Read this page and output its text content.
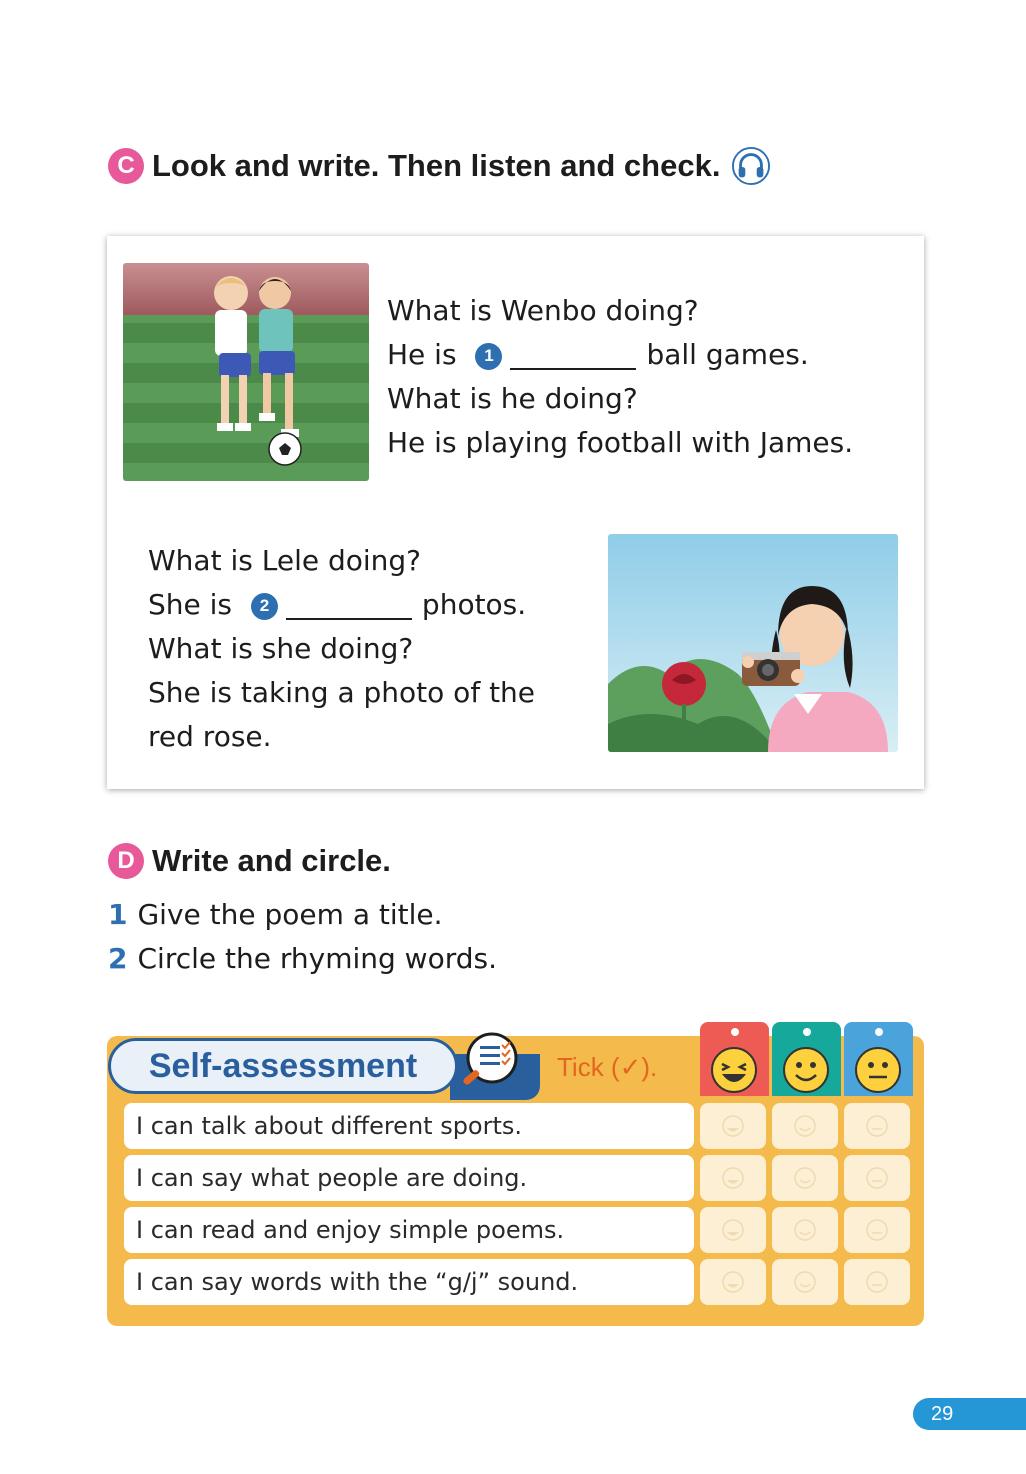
C Look and write. Then listen and check.
What is Wenbo doing?
He is 1	ball games.
What is he doing?
He is playing football with James.
What is Lele doing?
She is 2	photos.
What is she doing?
She is taking a photo of the
red rose.
D Write and circle.
1 Give the poem a title.
2 Circle the rhyming words.
Self-assessment	Tick (✓).
I can talk about different sports.
I can say what people are doing.
I can read and enjoy simple poems.
I can say words with the “g/j” sound.
29
